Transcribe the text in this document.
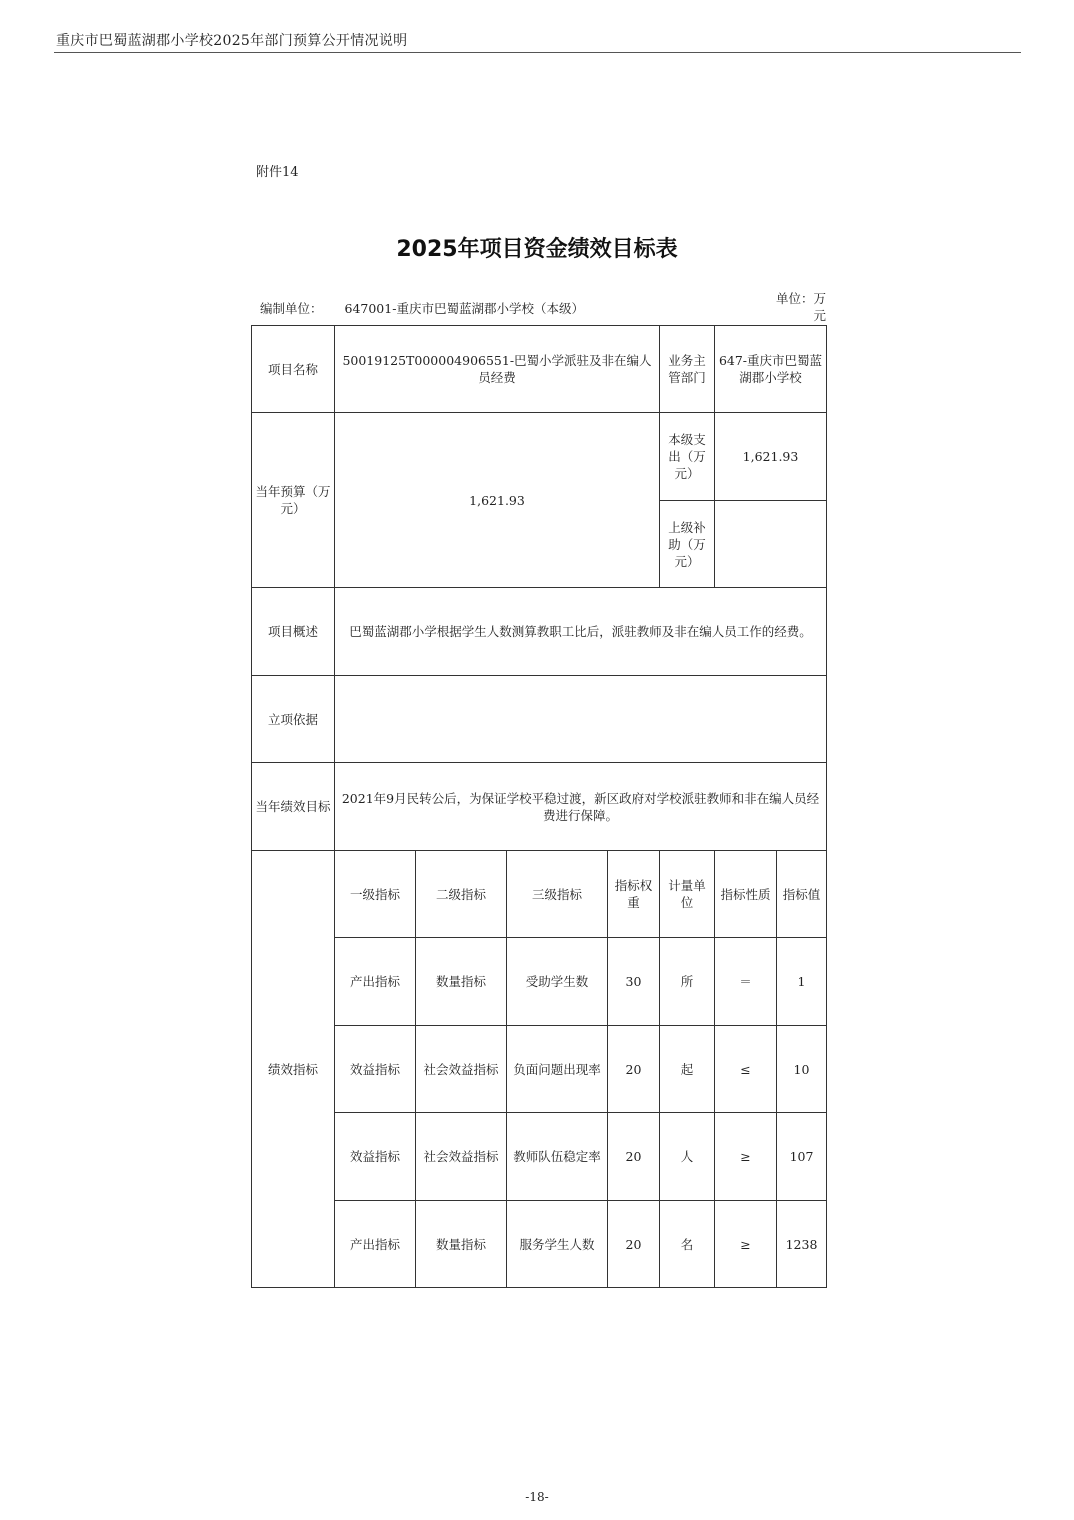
重庆市巴蜀蓝湖郡小学校2025年部门预算公开情况说明
附件14
2025年项目资金绩效目标表
编制单位： 647001-重庆市巴蜀蓝湖郡小学校（本级）
单位：万元
项目名称	50019125T000004906551-巴蜀小学派驻及非在编人员经费				业务主管部门	647-重庆市巴蜀蓝湖郡小学校	
当年预算（万元）	1,621.93				本级支出（万元）	1,621.93	
					上级补助（万元）		
项目概述	巴蜀蓝湖郡小学根据学生人数测算教职工比后，派驻教师及非在编人员工作的经费。						
立项依据							
当年绩效目标	2021年9月民转公后，为保证学校平稳过渡，新区政府对学校派驻教师和非在编人员经费进行保障。						
绩效指标	一级指标	二级指标	三级指标	指标权重	计量单位	指标性质	指标值
	产出指标	数量指标	受助学生数	30	所	＝	1
	效益指标	社会效益指标	负面问题出现率	20	起	≤	10
	效益指标	社会效益指标	教师队伍稳定率	20	人	≥	107
	产出指标	数量指标	服务学生人数	20	名	≥	1238
-18-
